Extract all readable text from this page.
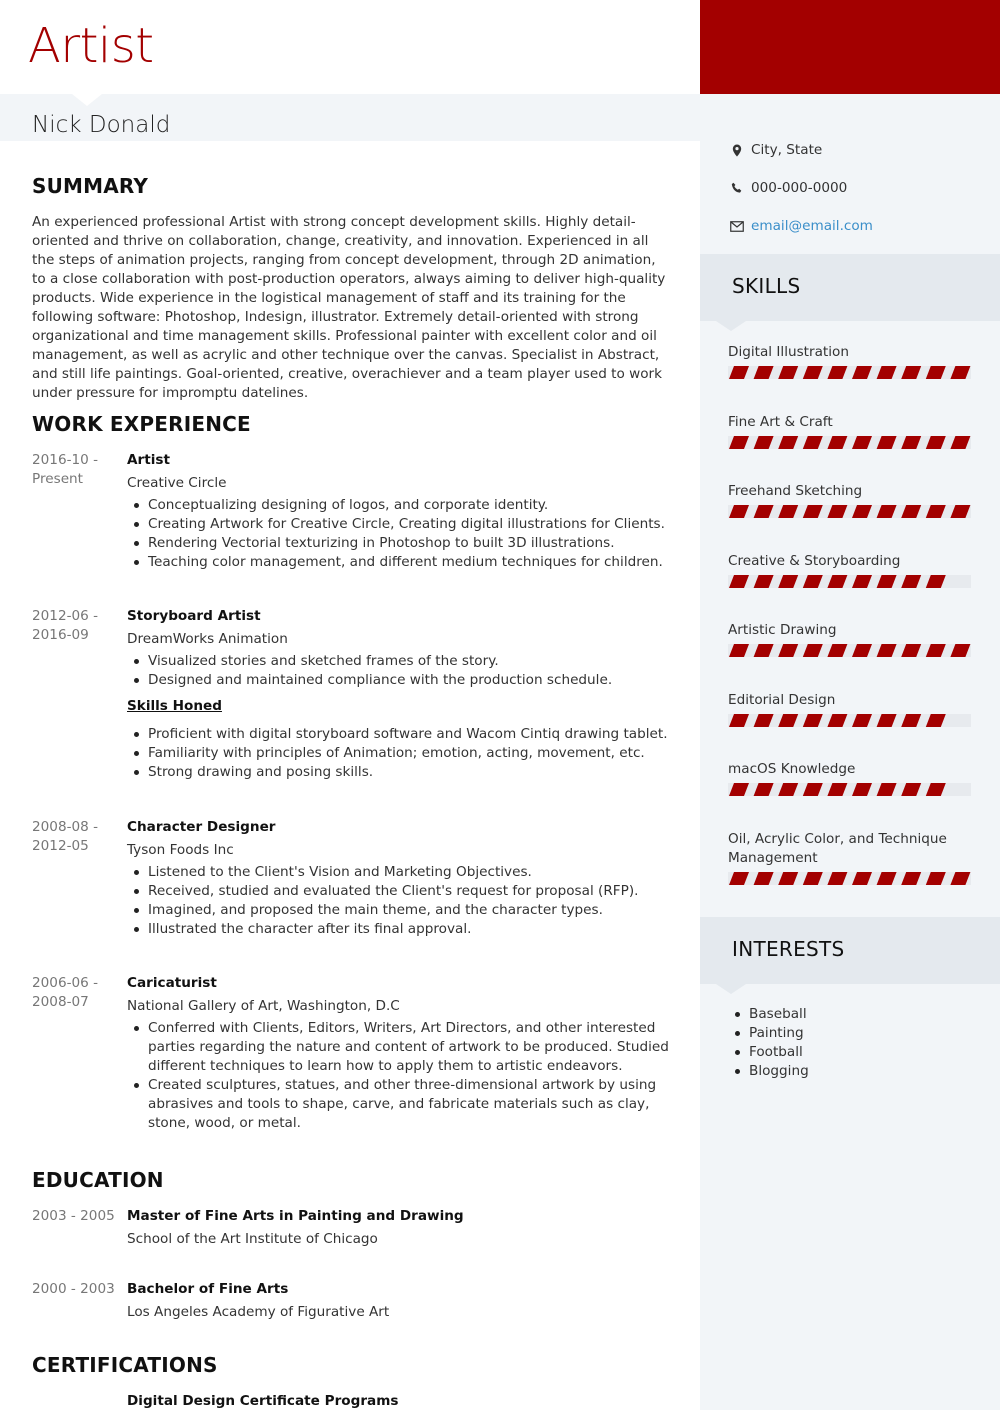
Artist
Nick Donald
SUMMARY
An experienced professional Artist with strong concept development skills. Highly detail-oriented and thrive on collaboration, change, creativity, and innovation. Experienced in all the steps of animation projects, ranging from concept development, through 2D animation, to a close collaboration with post-production operators, always aiming to deliver high-quality products. Wide experience in the logistical management of staff and its training for the following software: Photoshop, Indesign, illustrator. Extremely detail-oriented with strong organizational and time management skills. Professional painter with excellent color and oil management, as well as acrylic and other technique over the canvas. Specialist in Abstract, and still life paintings. Goal-oriented, creative, overachiever and a team player used to work under pressure for impromptu datelines.
WORK EXPERIENCE
2016-10 - Present
Artist
Creative Circle
Conceptualizing designing of logos, and corporate identity.
Creating Artwork for Creative Circle, Creating digital illustrations for Clients.
Rendering Vectorial texturizing in Photoshop to built 3D illustrations.
Teaching color management, and different medium techniques for children.
2012-06 - 2016-09
Storyboard Artist
DreamWorks Animation
Visualized stories and sketched frames of the story.
Designed and maintained compliance with the production schedule.
Skills Honed
Proficient with digital storyboard software and Wacom Cintiq drawing tablet.
Familiarity with principles of Animation; emotion, acting, movement, etc.
Strong drawing and posing skills.
2008-08 - 2012-05
Character Designer
Tyson Foods Inc
Listened to the Client's Vision and Marketing Objectives.
Received, studied and evaluated the Client's request for proposal (RFP).
Imagined, and proposed the main theme, and the character types.
Illustrated the character after its final approval.
2006-06 - 2008-07
Caricaturist
National Gallery of Art, Washington, D.C
Conferred with Clients, Editors, Writers, Art Directors, and other interested parties regarding the nature and content of artwork to be produced. Studied different techniques to learn how to apply them to artistic endeavors.
Created sculptures, statues, and other three-dimensional artwork by using abrasives and tools to shape, carve, and fabricate materials such as clay, stone, wood, or metal.
EDUCATION
2003 - 2005 Master of Fine Arts in Painting and Drawing
School of the Art Institute of Chicago
2000 - 2003 Bachelor of Fine Arts
Los Angeles Academy of Figurative Art
CERTIFICATIONS
Digital Design Certificate Programs
City, State
000-000-0000
email@email.com
SKILLS
Digital Illustration
Fine Art & Craft
Freehand Sketching
Creative & Storyboarding
Artistic Drawing
Editorial Design
macOS Knowledge
Oil, Acrylic Color, and Technique Management
INTERESTS
Baseball
Painting
Football
Blogging
